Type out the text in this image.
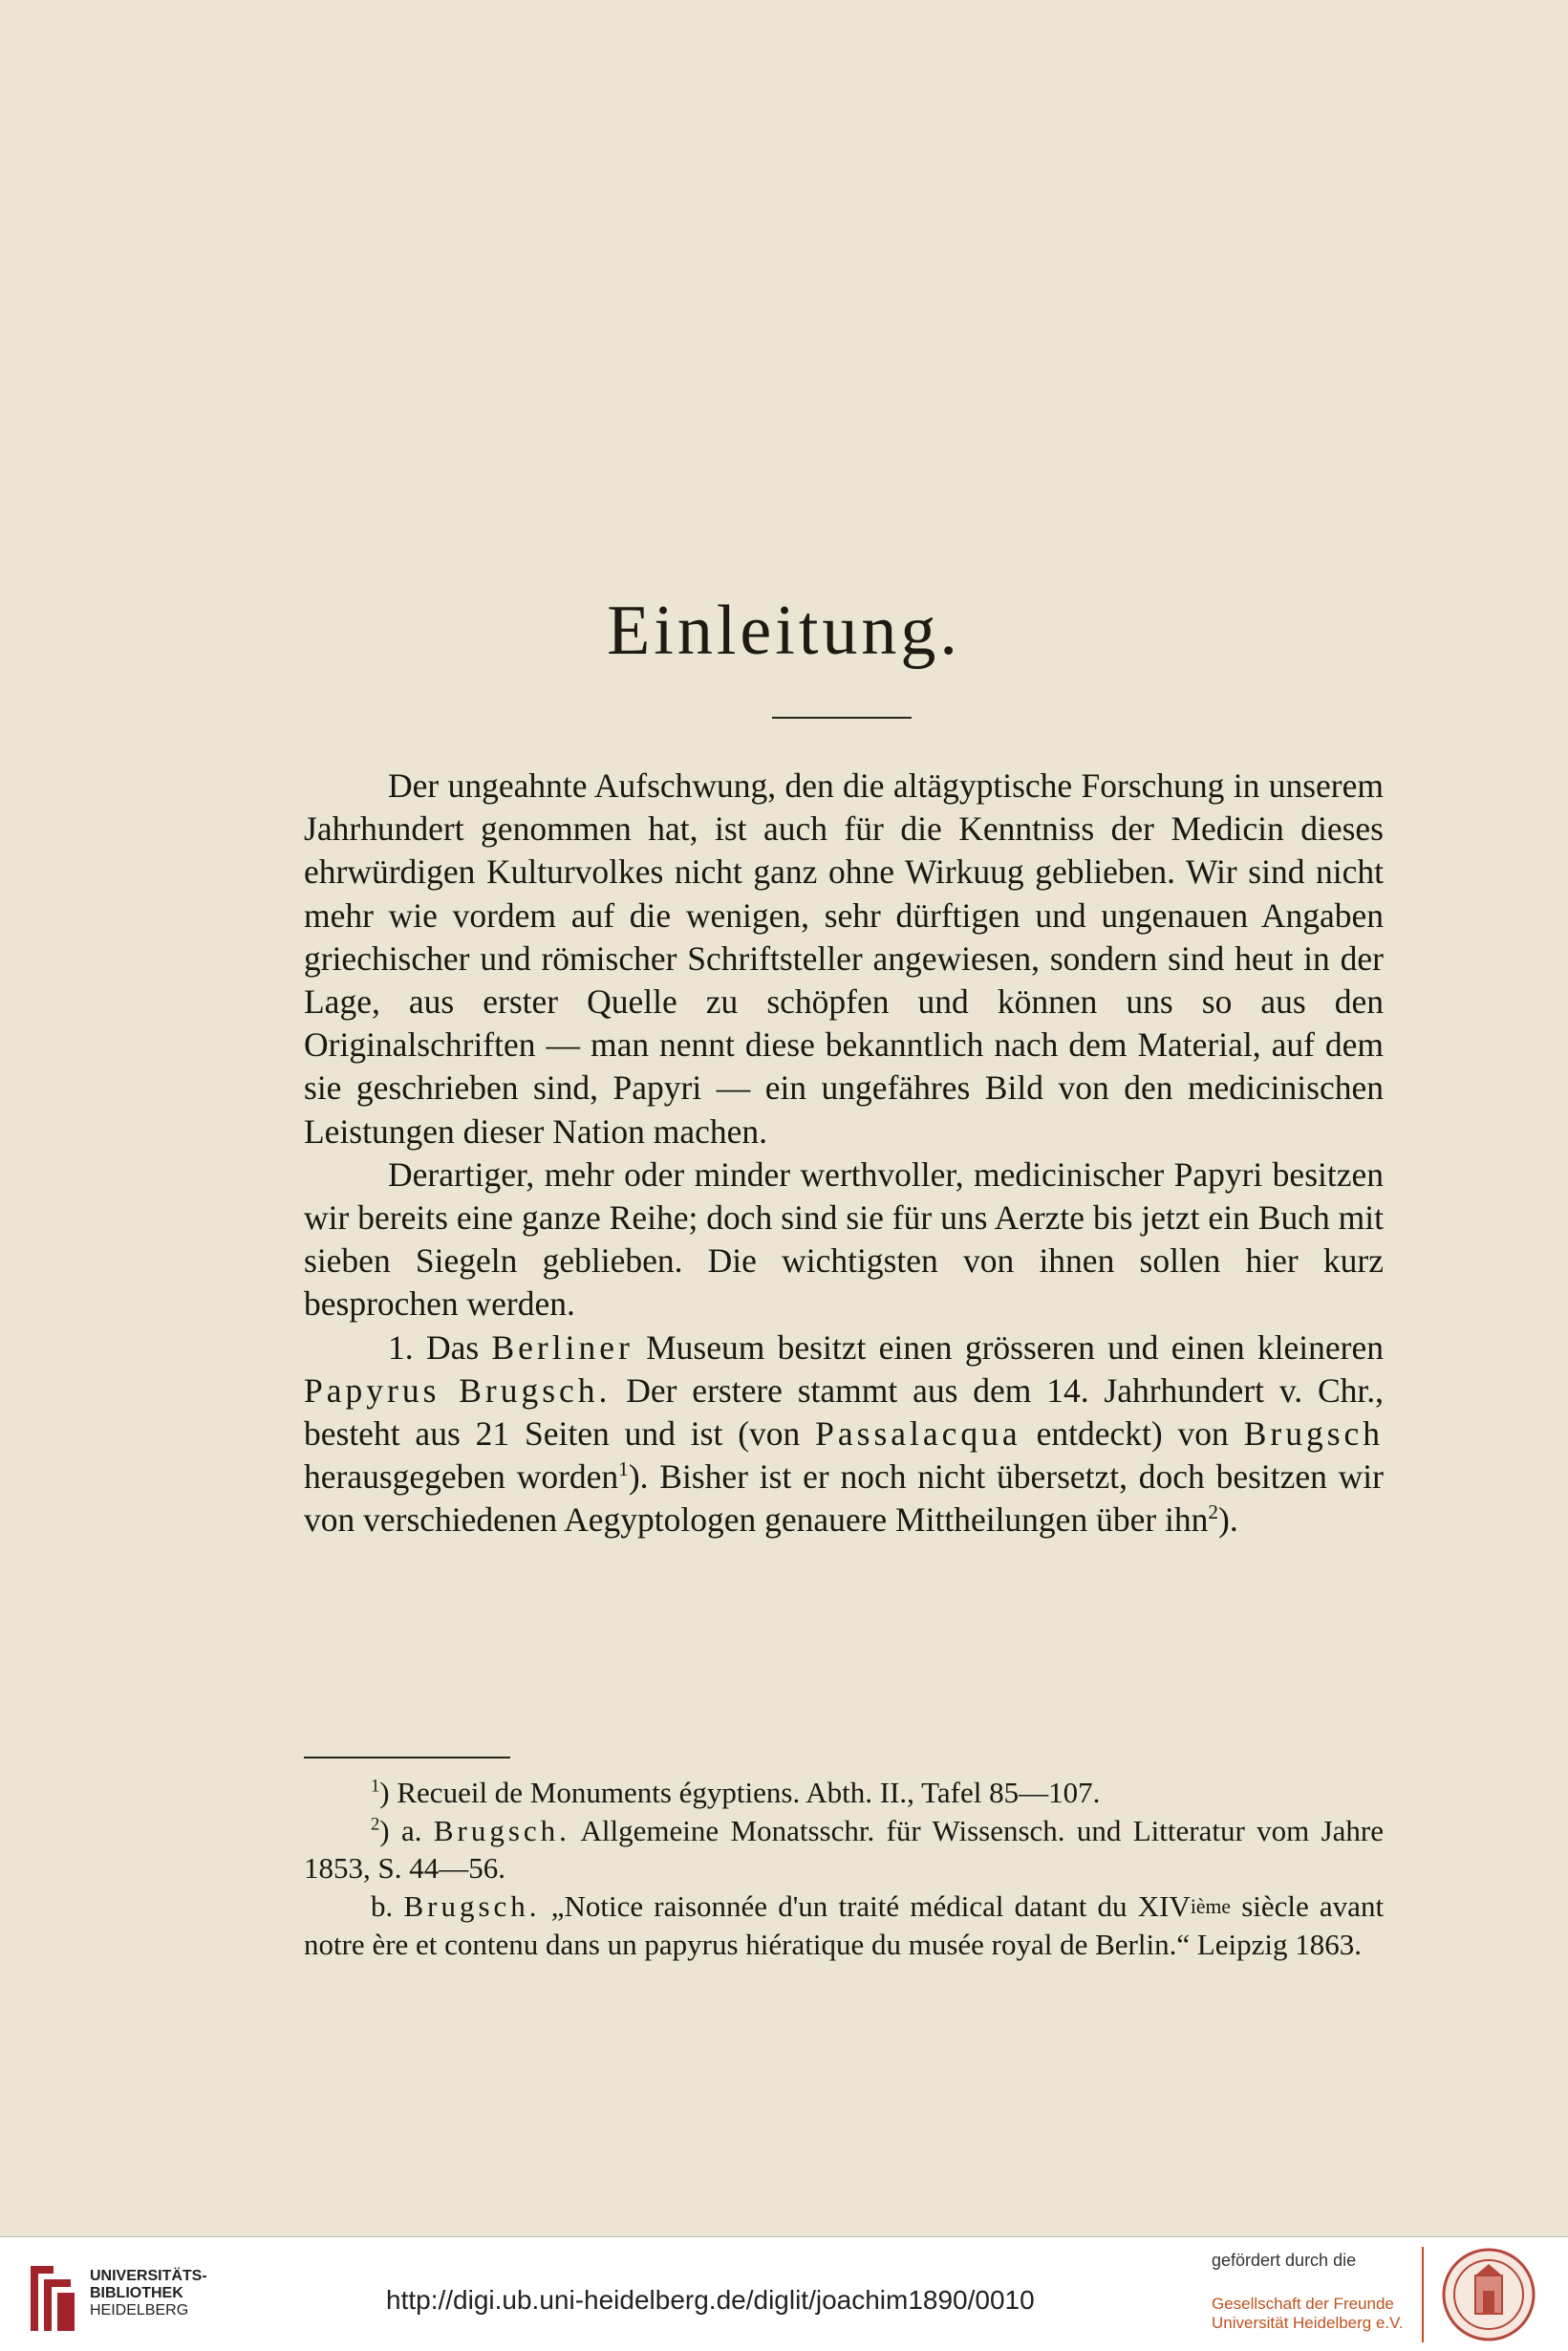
Einleitung.

Der ungeahnte Aufschwung, den die altägyptische Forschung in unserem Jahrhundert genommen hat, ist auch für die Kenntniss der Medicin dieses ehrwürdigen Kulturvolkes nicht ganz ohne Wirkuug geblieben. Wir sind nicht mehr wie vordem auf die wenigen, sehr dürftigen und ungenauen Angaben griechischer und römischer Schriftsteller angewiesen, sondern sind heut in der Lage, aus erster Quelle zu schöpfen und können uns so aus den Originalschriften — man nennt diese bekanntlich nach dem Material, auf dem sie geschrieben sind, Papyri — ein ungefähres Bild von den medicinischen Leistungen dieser Nation machen.

Derartiger, mehr oder minder werthvoller, medicinischer Papyri besitzen wir bereits eine ganze Reihe; doch sind sie für uns Aerzte bis jetzt ein Buch mit sieben Siegeln geblieben. Die wichtigsten von ihnen sollen hier kurz besprochen werden.

1. Das Berliner Museum besitzt einen grösseren und einen kleineren Papyrus Brugsch. Der erstere stammt aus dem 14. Jahrhundert v. Chr., besteht aus 21 Seiten und ist (von Passalacqua entdeckt) von Brugsch herausgegeben worden$^1$). Bisher ist er noch nicht übersetzt, doch besitzen wir von verschiedenen Aegyptologen genauere Mittheilungen über ihn$^2$).

$^1$) Recueil de Monuments égyptiens. Abth. II., Tafel 85—107.

$^2$) a. Brugsch. Allgemeine Monatsschr. für Wissensch. und Litteratur vom Jahre 1853, S. 44—56.

b. Brugsch. „Notice raisonnée d'un traité médical datant du XIVième siècle avant notre ère et contenu dans un papyrus hiératique du musée royal de Berlin.“ Leipzig 1863.

UNIVERSITÄTS-
BIBLIOTHEK
HEIDELBERG	http://digi.ub.uni-heidelberg.de/diglit/joachim1890/0010
gefördert durch die
Gesellschaft der Freunde
Universität Heidelberg e.V.
